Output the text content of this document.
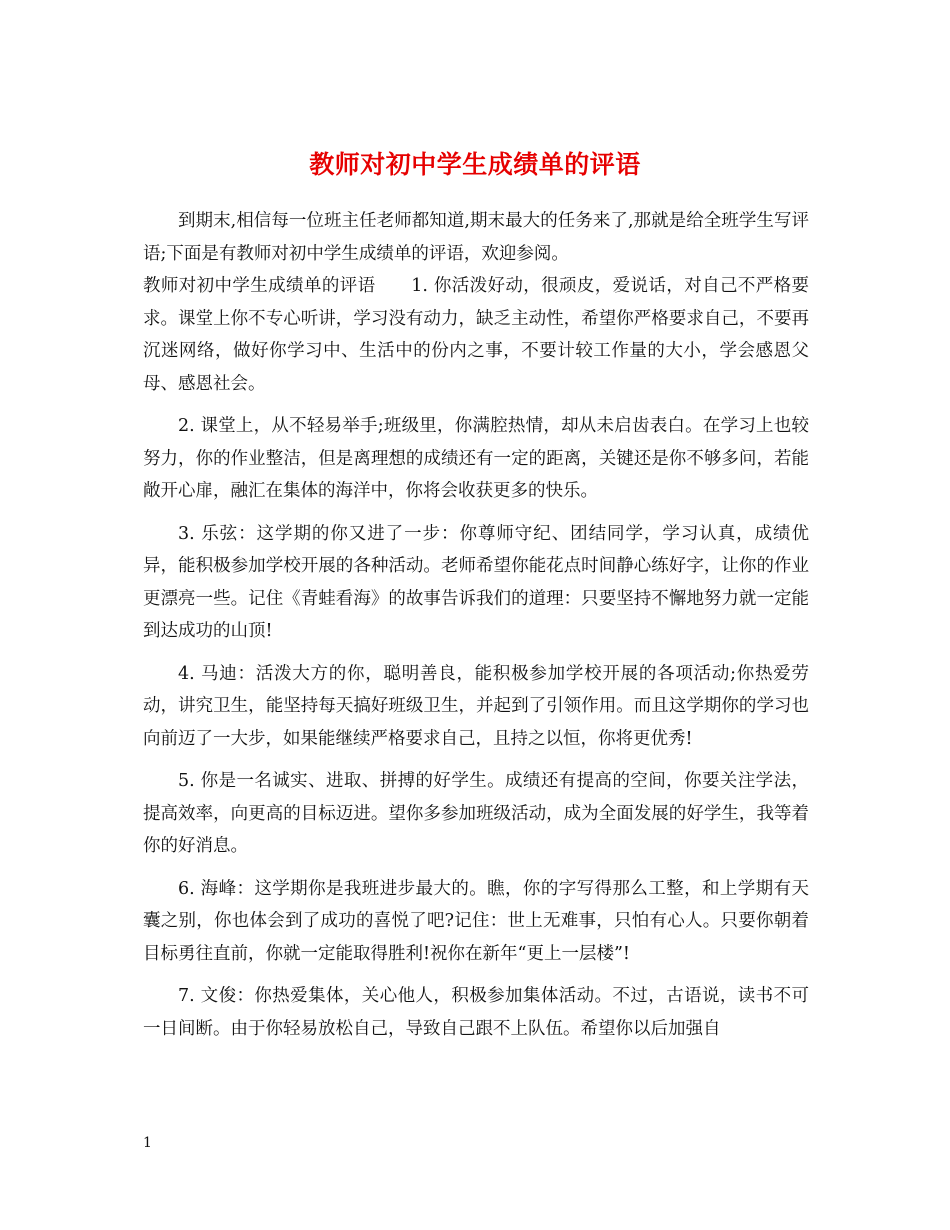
教师对初中学生成绩单的评语

到期末,相信每一位班主任老师都知道,期末最大的任务来了,那就是给全班学生写评语;下面是有教师对初中学生成绩单的评语，欢迎参阅。

教师对初中学生成绩单的评语　　1. 你活泼好动，很顽皮，爱说话，对自己不严格要求。课堂上你不专心听讲，学习没有动力，缺乏主动性，希望你严格要求自己，不要再沉迷网络，做好你学习中、生活中的份内之事，不要计较工作量的大小，学会感恩父母、感恩社会。

2. 课堂上，从不轻易举手;班级里，你满腔热情，却从未启齿表白。在学习上也较努力，你的作业整洁，但是离理想的成绩还有一定的距离，关键还是你不够多问，若能敞开心扉，融汇在集体的海洋中，你将会收获更多的快乐。

3. 乐弦：这学期的你又进了一步：你尊师守纪、团结同学，学习认真，成绩优异，能积极参加学校开展的各种活动。老师希望你能花点时间静心练好字，让你的作业更漂亮一些。记住《青蛙看海》的故事告诉我们的道理：只要坚持不懈地努力就一定能到达成功的山顶!

4. 马迪：活泼大方的你，聪明善良，能积极参加学校开展的各项活动;你热爱劳动，讲究卫生，能坚持每天搞好班级卫生，并起到了引领作用。而且这学期你的学习也向前迈了一大步，如果能继续严格要求自己，且持之以恒，你将更优秀!

5. 你是一名诚实、进取、拼搏的好学生。成绩还有提高的空间，你要关注学法，提高效率，向更高的目标迈进。望你多参加班级活动，成为全面发展的好学生，我等着你的好消息。

6. 海峰：这学期你是我班进步最大的。瞧，你的字写得那么工整，和上学期有天囊之别，你也体会到了成功的喜悦了吧?记住：世上无难事，只怕有心人。只要你朝着目标勇往直前，你就一定能取得胜利!祝你在新年“更上一层楼”!

7. 文俊：你热爱集体，关心他人，积极参加集体活动。不过，古语说，读书不可一日间断。由于你轻易放松自己，导致自己跟不上队伍。希望你以后加强自

1
